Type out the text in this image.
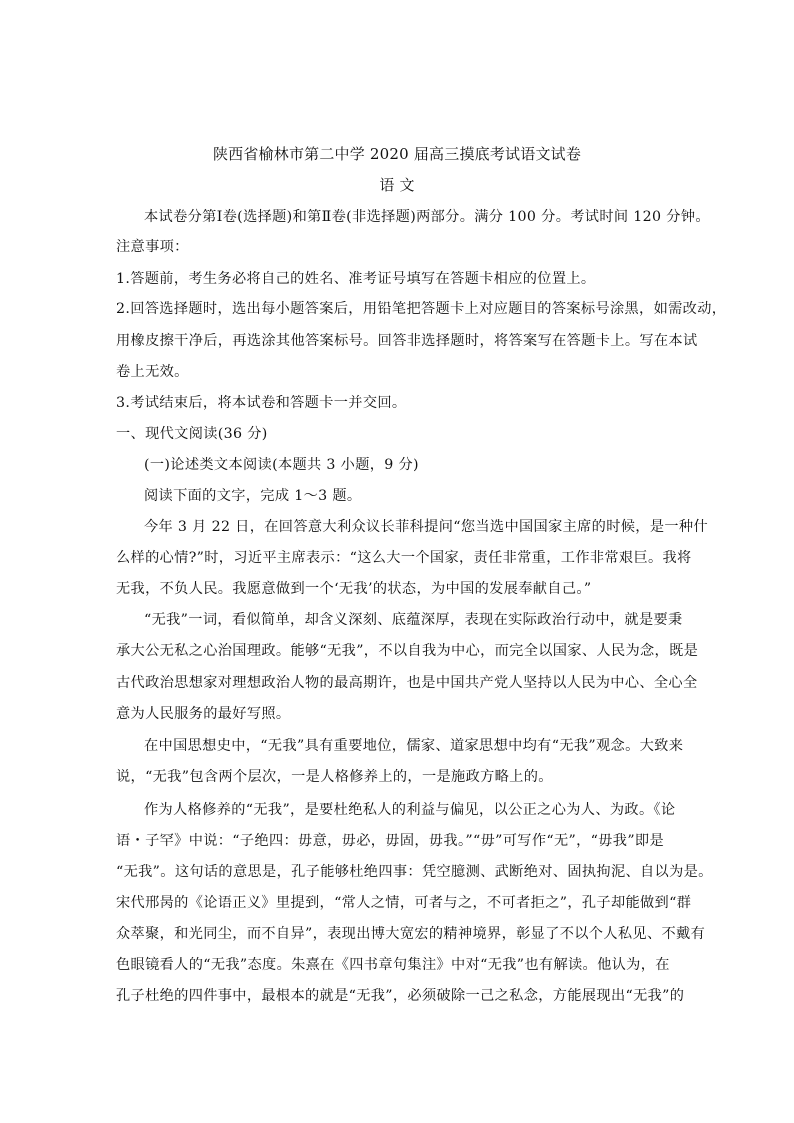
陕西省榆林市第二中学 2020 届高三摸底考试语文试卷
语 文
本试卷分第Ⅰ卷(选择题)和第Ⅱ卷(非选择题)两部分。满分 100 分。考试时间 120 分钟。
注意事项：
1.答题前，考生务必将自己的姓名、准考证号填写在答题卡相应的位置上。
2.回答选择题时，选出每小题答案后，用铅笔把答题卡上对应题目的答案标号涂黑，如需改动，
用橡皮擦干净后，再选涂其他答案标号。回答非选择题时，将答案写在答题卡上。写在本试
卷上无效。
3.考试结束后，将本试卷和答题卡一并交回。
一、现代文阅读(36 分)
(一)论述类文本阅读(本题共 3 小题，9 分)
阅读下面的文字，完成 1～3 题。
今年 3 月 22 日，在回答意大利众议长菲科提问“您当选中国国家主席的时候，是一种什
么样的心情?”时，习近平主席表示：“这么大一个国家，责任非常重，工作非常艰巨。我将
无我，不负人民。我愿意做到一个‘无我’的状态，为中国的发展奉献自己。”
“无我”一词，看似简单，却含义深刻、底蕴深厚，表现在实际政治行动中，就是要秉
承大公无私之心治国理政。能够“无我”，不以自我为中心，而完全以国家、人民为念，既是
古代政治思想家对理想政治人物的最高期许，也是中国共产党人坚持以人民为中心、全心全
意为人民服务的最好写照。
在中国思想史中，“无我”具有重要地位，儒家、道家思想中均有“无我”观念。大致来
说，“无我”包含两个层次，一是人格修养上的，一是施政方略上的。
作为人格修养的“无我”，是要杜绝私人的利益与偏见，以公正之心为人、为政。《论
语・子罕》中说：“子绝四：毋意，毋必，毋固，毋我。”“毋”可写作“无”，“毋我”即是
“无我”。这句话的意思是，孔子能够杜绝四事：凭空臆测、武断绝对、固执拘泥、自以为是。
宋代邢昺的《论语正义》里提到，“常人之情，可者与之，不可者拒之”，孔子却能做到“群
众萃聚，和光同尘，而不自异”，表现出博大宽宏的精神境界，彰显了不以个人私见、不戴有
色眼镜看人的“无我”态度。朱熹在《四书章句集注》中对“无我”也有解读。他认为，在
孔子杜绝的四件事中，最根本的就是“无我”，必须破除一己之私念，方能展现出“无我”的
